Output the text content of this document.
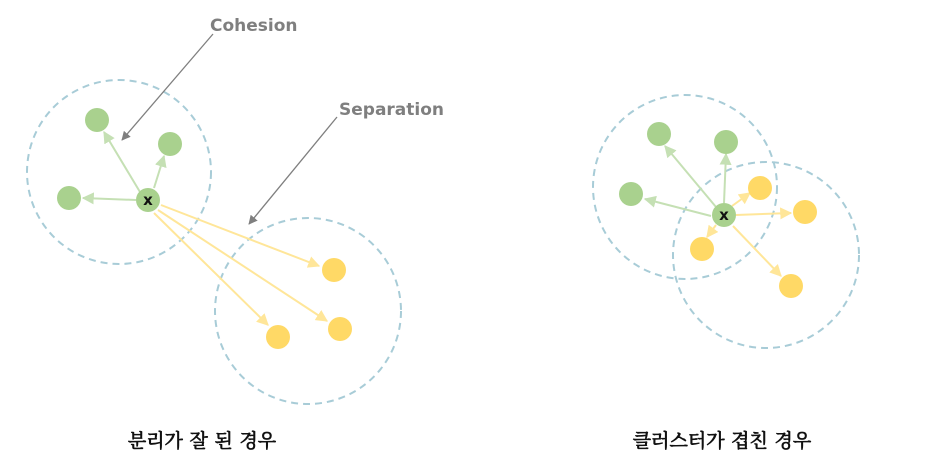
x
Cohesion
Separation
x
분리가 잘 된 경우	클러스터가 겹친 경우
